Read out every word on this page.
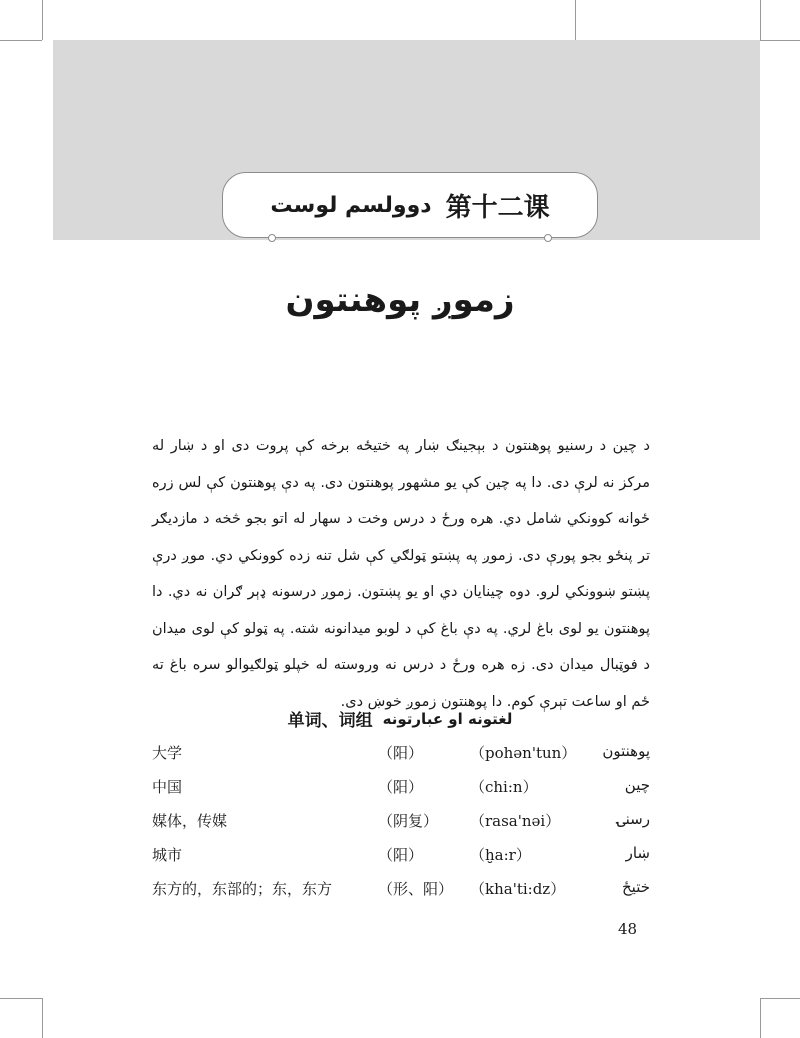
دوولسم لوست 第十二课
زموږ پوهنتون
د چين د رسنيو پوهنتون د بېجينګ ښار په ختيځه برخه کې پروت دی او د ښار له مرکز نه لرې دی. دا په چين کې يو مشهور پوهنتون دی. په دې پوهنتون کې لس زره ځوانه کوونکي شامل دي. هره ورځ د درس وخت د سهار له اتو بجو څخه د مازديګر تر پنځو بجو پورې دی. زموږ په پښتو ټولګي کې شل تنه زده کوونکي دي. موږ درې پښتو ښوونکي لرو. دوه چينايان دي او يو پښتون. زموږ درسونه ډېر ګران نه دي. دا پوهنتون يو لوی باغ لري. په دې باغ کې د لوبو ميدانونه شته. په ټولو کې لوی ميدان د فوټبال ميدان دی. زه هره ورځ د درس نه وروسته له خپلو ټولګيوالو سره باغ ته ځم او ساعت تېرې کوم. دا پوهنتون زموږ خوښ دی.
单词、词组 لغتونه او عبارتونه
大学	（阳）	（pohən'tun） پوهنتون
中国	（阳）	（chi:n）	چين
媒体，传媒	（阴复） （rasa'nəi）	رسنۍ
城市	（阳）	（ḫa:r）	ښار
东方的，东部的；东，东方	（形、阳） （kha'ti:dz）	ختيځ
48
